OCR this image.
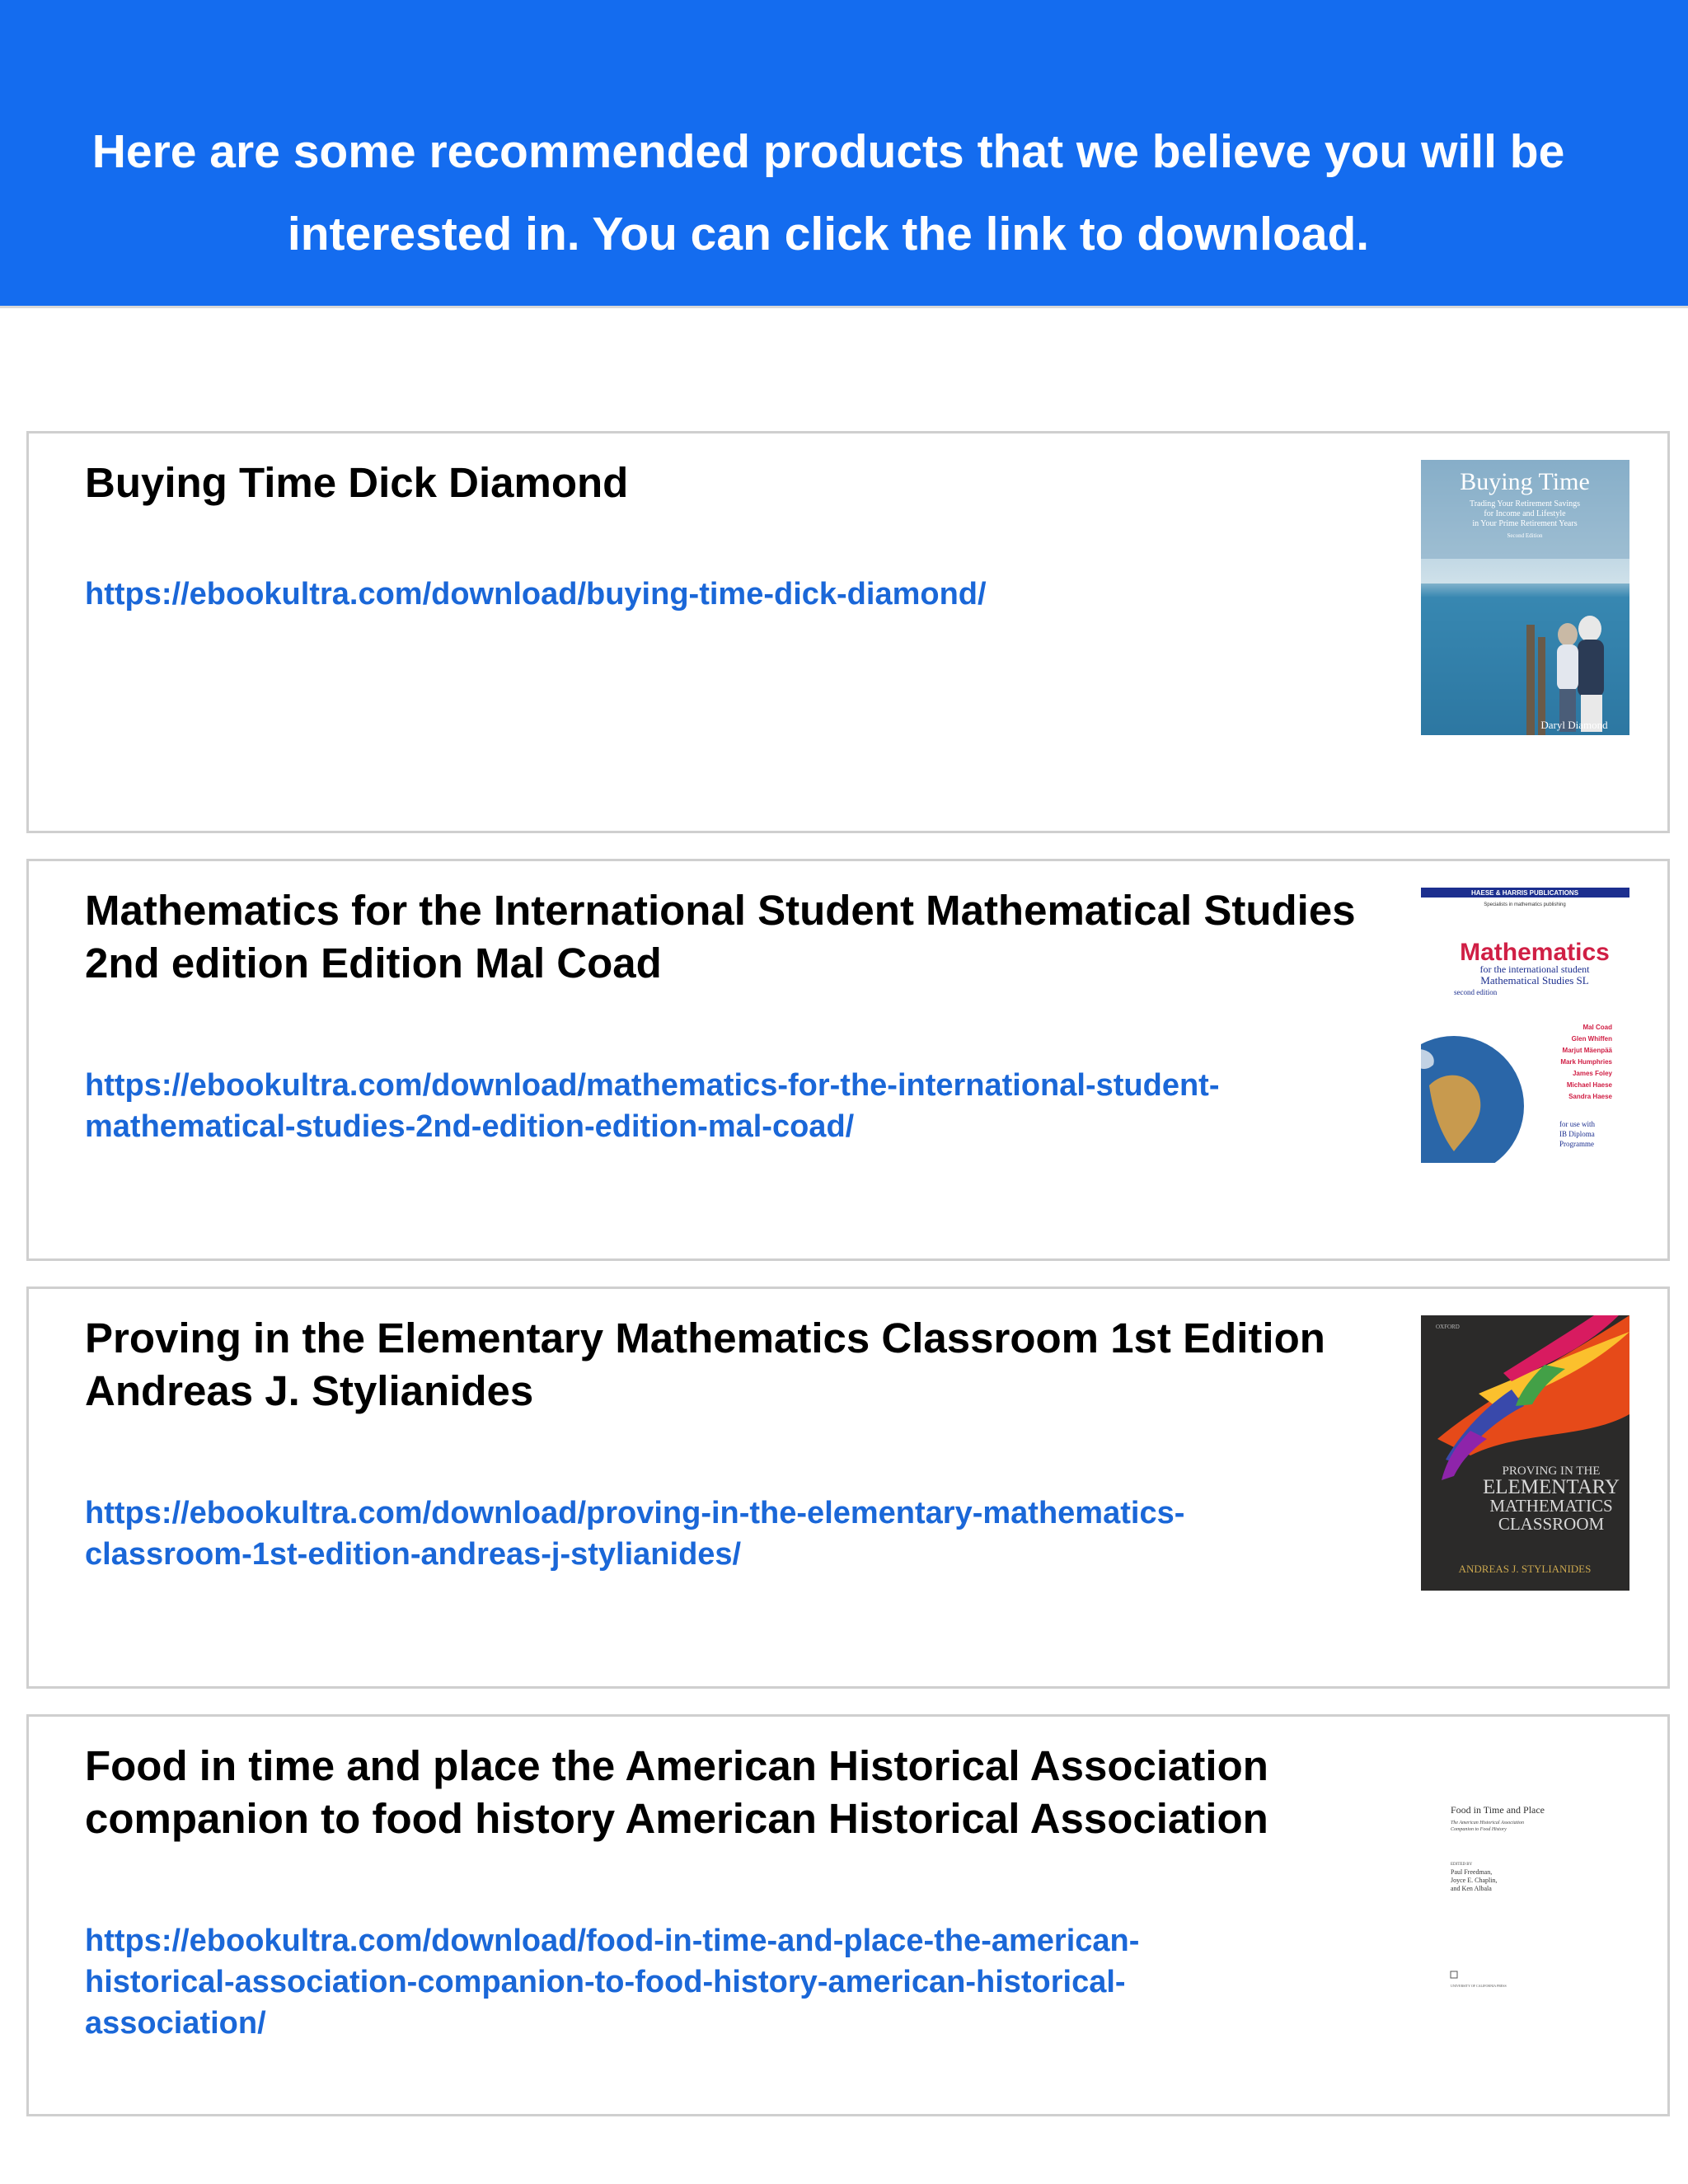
Here are some recommended products that we believe you will be interested in. You can click the link to download.

Buying Time Dick Diamond
https://ebookultra.com/download/buying-time-dick-diamond/
Buying Time
Trading Your Retirement Savings
for Income and Lifestyle
in Your Prime Retirement Years
Second Edition
Daryl Diamond
Mathematics for the International Student Mathematical Studies 2nd edition Edition Mal Coad
https://ebookultra.com/download/mathematics-for-the-international-student-mathematical-studies-2nd-edition-edition-mal-coad/
HAESE & HARRIS PUBLICATIONS
Specialists in mathematics publishing
Mathematics
for the international student
Mathematical Studies SL
second edition
Mal Coad
Glen Whiffen
Marjut Mäenpää
Mark Humphries
James Foley
Michael Haese
Sandra Haese
for use with
IB Diploma
Programme
Proving in the Elementary Mathematics Classroom 1st Edition Andreas J. Stylianides
https://ebookultra.com/download/proving-in-the-elementary-mathematics-classroom-1st-edition-andreas-j-stylianides/
OXFORD
PROVING IN THE
ELEMENTARY
MATHEMATICS
CLASSROOM
ANDREAS J. STYLIANIDES
Food in time and place the American Historical Association companion to food history American Historical Association
https://ebookultra.com/download/food-in-time-and-place-the-american-historical-association-companion-to-food-history-american-historical-association/
Food in Time and Place
The American Historical Association
Companion to Food History
EDITED BY
Paul Freedman,
Joyce E. Chaplin,
and Ken Albala
UNIVERSITY OF CALIFORNIA PRESS
